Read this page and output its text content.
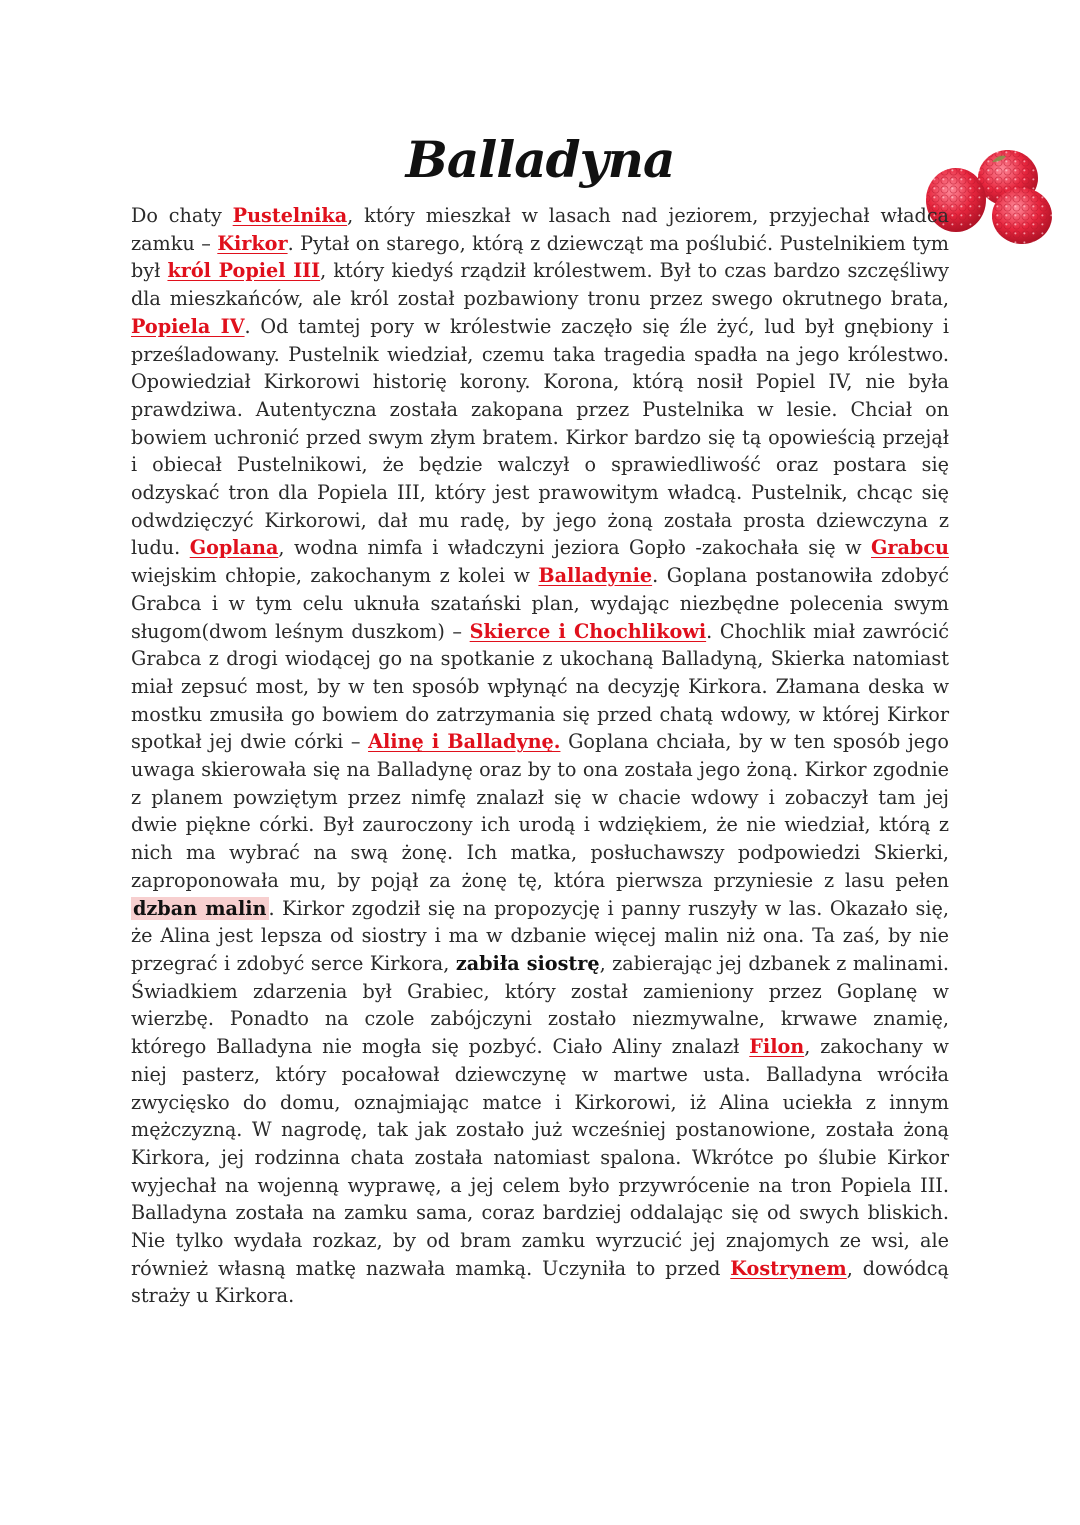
Balladyna

Do chaty Pustelnika, który mieszkał w lasach nad jeziorem, przyjechał władca zamku – Kirkor. Pytał on starego, którą z dziewcząt ma poślubić. Pustelnikiem tym był król Popiel III, który kiedyś rządził królestwem. Był to czas bardzo szczęśliwy dla mieszkańców, ale król został pozbawiony tronu przez swego okrutnego brata, Popiela IV. Od tamtej pory w królestwie zaczęło się źle żyć, lud był gnębiony i prześladowany. Pustelnik wiedział, czemu taka tragedia spadła na jego królestwo. Opowiedział Kirkorowi historię korony. Korona, którą nosił Popiel IV, nie była prawdziwa. Autentyczna została zakopana przez Pustelnika w lesie. Chciał on bowiem uchronić przed swym złym bratem. Kirkor bardzo się tą opowieścią przejął i obiecał Pustelnikowi, że będzie walczył o sprawiedliwość oraz postara się odzyskać tron dla Popiela III, który jest prawowitym władcą. Pustelnik, chcąc się odwdzięczyć Kirkorowi, dał mu radę, by jego żoną została prosta dziewczyna z ludu. Goplana, wodna nimfa i władczyni jeziora Gopło -zakochała się w Grabcu wiejskim chłopie, zakochanym z kolei w Balladynie. Goplana postanowiła zdobyć Grabca i w tym celu uknuła szatański plan, wydając niezbędne polecenia swym sługom(dwom leśnym duszkom) – Skierce i Chochlikowi. Chochlik miał zawrócić Grabca z drogi wiodącej go na spotkanie z ukochaną Balladyną, Skierka natomiast miał zepsuć most, by w ten sposób wpłynąć na decyzję Kirkora. Złamana deska w mostku zmusiła go bowiem do zatrzymania się przed chatą wdowy, w której Kirkor spotkał jej dwie córki – Alinę i Balladynę. Goplana chciała, by w ten sposób jego uwaga skierowała się na Balladynę oraz by to ona została jego żoną. Kirkor zgodnie z planem powziętym przez nimfę znalazł się w chacie wdowy i zobaczył tam jej dwie piękne córki. Był zauroczony ich urodą i wdziękiem, że nie wiedział, którą z nich ma wybrać na swą żonę. Ich matka, posłuchawszy podpowiedzi Skierki, zaproponowała mu, by pojął za żonę tę, która pierwsza przyniesie z lasu pełen dzban malin . Kirkor zgodził się na propozycję i panny ruszyły w las. Okazało się, że Alina jest lepsza od siostry i ma w dzbanie więcej malin niż ona. Ta zaś, by nie przegrać i zdobyć serce Kirkora, zabiła siostrę, zabierając jej dzbanek z malinami. Świadkiem zdarzenia był Grabiec, który został zamieniony przez Goplanę w wierzbę. Ponadto na czole zabójczyni zostało niezmywalne, krwawe znamię, którego Balladyna nie mogła się pozbyć. Ciało Aliny znalazł Filon, zakochany w niej pasterz, który pocałował dziewczynę w martwe usta. Balladyna wróciła zwycięsko do domu, oznajmiając matce i Kirkorowi, iż Alina uciekła z innym mężczyzną. W nagrodę, tak jak zostało już wcześniej postanowione, została żoną Kirkora, jej rodzinna chata została natomiast spalona. Wkrótce po ślubie Kirkor wyjechał na wojenną wyprawę, a jej celem było przywrócenie na tron Popiela III. Balladyna została na zamku sama, coraz bardziej oddalając się od swych bliskich. Nie tylko wydała rozkaz, by od bram zamku wyrzucić jej znajomych ze wsi, ale również własną matkę nazwała mamką. Uczyniła to przed Kostrynem, dowódcą straży u Kirkora.
